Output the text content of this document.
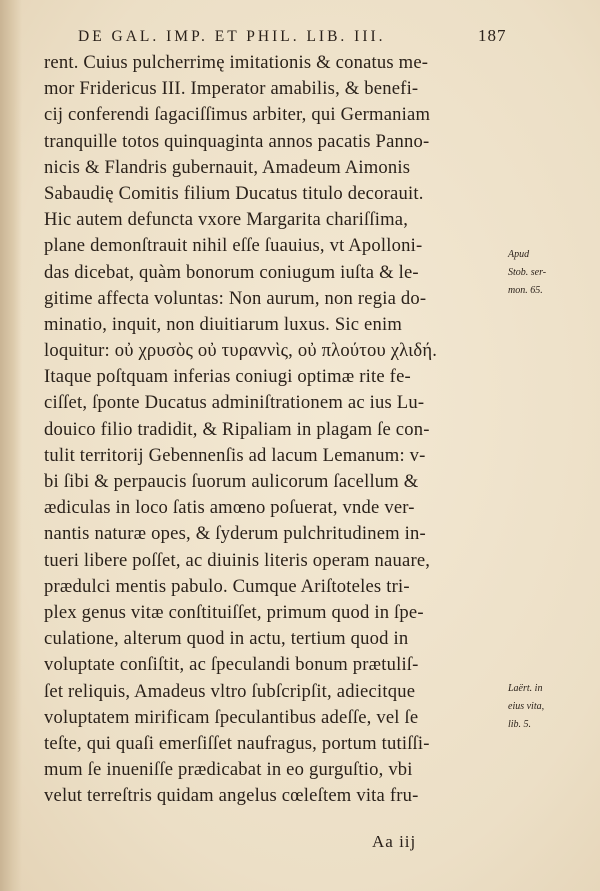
DE GAL. IMP. ET PHIL. LIB. III.	187
rent. Cuius pulcherrimę imitationis & conatus me-
mor Fridericus III. Imperator amabilis, & benefi-
cij conferendi ſagaciſſimus arbiter, qui Germaniam
tranquille totos quinquaginta annos pacatis Panno-
nicis & Flandris gubernauit, Amadeum Aimonis
Sabaudię Comitis filium Ducatus titulo decorauit.
Hic autem defuncta vxore Margarita chariſſima,
plane demonſtrauit nihil eſſe ſuauius, vt Apolloni-
das dicebat, quàm bonorum coniugum iuſta & le-
gitime affecta voluntas: Non aurum, non regia do-
minatio, inquit, non diuitiarum luxus. Sic enim
loquitur: οὐ χρυσὸς οὐ τυραννὶς, οὐ πλούτου χλιδή.
Itaque poſtquam inferias coniugi optimæ rite fe-
ciſſet, ſponte Ducatus adminiſtrationem ac ius Lu-
douico filio tradidit, & Ripaliam in plagam ſe con-
tulit territorij Gebennenſis ad lacum Lemanum: v-
bi ſibi & perpaucis ſuorum aulicorum ſacellum &
ædiculas in loco ſatis amœno poſuerat, vnde ver-
nantis naturæ opes, & ſyderum pulchritudinem in-
tueri libere poſſet, ac diuinis literis operam nauare,
prædulci mentis pabulo. Cumque Ariſtoteles tri-
plex genus vitæ conſtituiſſet, primum quod in ſpe-
culatione, alterum quod in actu, tertium quod in
voluptate conſiſtit, ac ſpeculandi bonum prætuliſ-
ſet reliquis, Amadeus vltro ſubſcripſit, adiecitque
voluptatem mirificam ſpeculantibus adeſſe, vel ſe
teſte, qui quaſi emerſiſſet naufragus, portum tutiſſi-
mum ſe inueniſſe prædicabat in eo gurguſtio, vbi
velut terreſtris quidam angelus cœleſtem vita fru-
Apud
Stob. ser-
mon. 65.
Laërt. in
eius vita,
lib. 5.
Aa iij
